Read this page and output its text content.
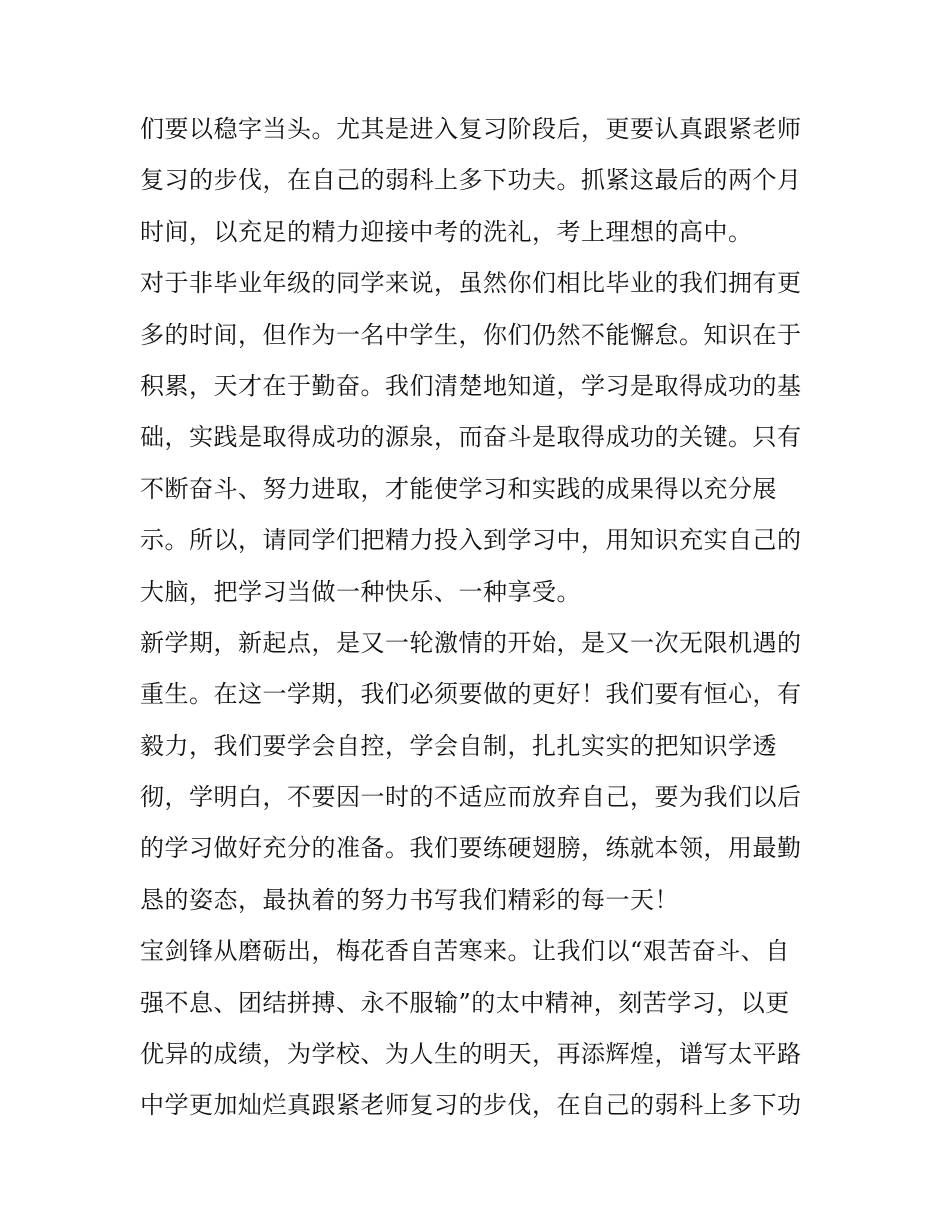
们要以稳字当头。尤其是进入复习阶段后，更要认真跟紧老师
复习的步伐，在自己的弱科上多下功夫。抓紧这最后的两个月
时间，以充足的精力迎接中考的洗礼，考上理想的高中。
对于非毕业年级的同学来说，虽然你们相比毕业的我们拥有更
多的时间，但作为一名中学生，你们仍然不能懈怠。知识在于
积累，天才在于勤奋。我们清楚地知道，学习是取得成功的基
础，实践是取得成功的源泉，而奋斗是取得成功的关键。只有
不断奋斗、努力进取，才能使学习和实践的成果得以充分展
示。所以，请同学们把精力投入到学习中，用知识充实自己的
大脑，把学习当做一种快乐、一种享受。
新学期，新起点，是又一轮激情的开始，是又一次无限机遇的
重生。在这一学期，我们必须要做的更好！我们要有恒心，有
毅力，我们要学会自控，学会自制，扎扎实实的把知识学透
彻，学明白，不要因一时的不适应而放弃自己，要为我们以后
的学习做好充分的准备。我们要练硬翅膀，练就本领，用最勤
恳的姿态，最执着的努力书写我们精彩的每一天！
宝剑锋从磨砺出，梅花香自苦寒来。让我们以“艰苦奋斗、自
强不息、团结拼搏、永不服输”的太中精神，刻苦学习，以更
优异的成绩，为学校、为人生的明天，再添辉煌，谱写太平路
中学更加灿烂真跟紧老师复习的步伐，在自己的弱科上多下功
